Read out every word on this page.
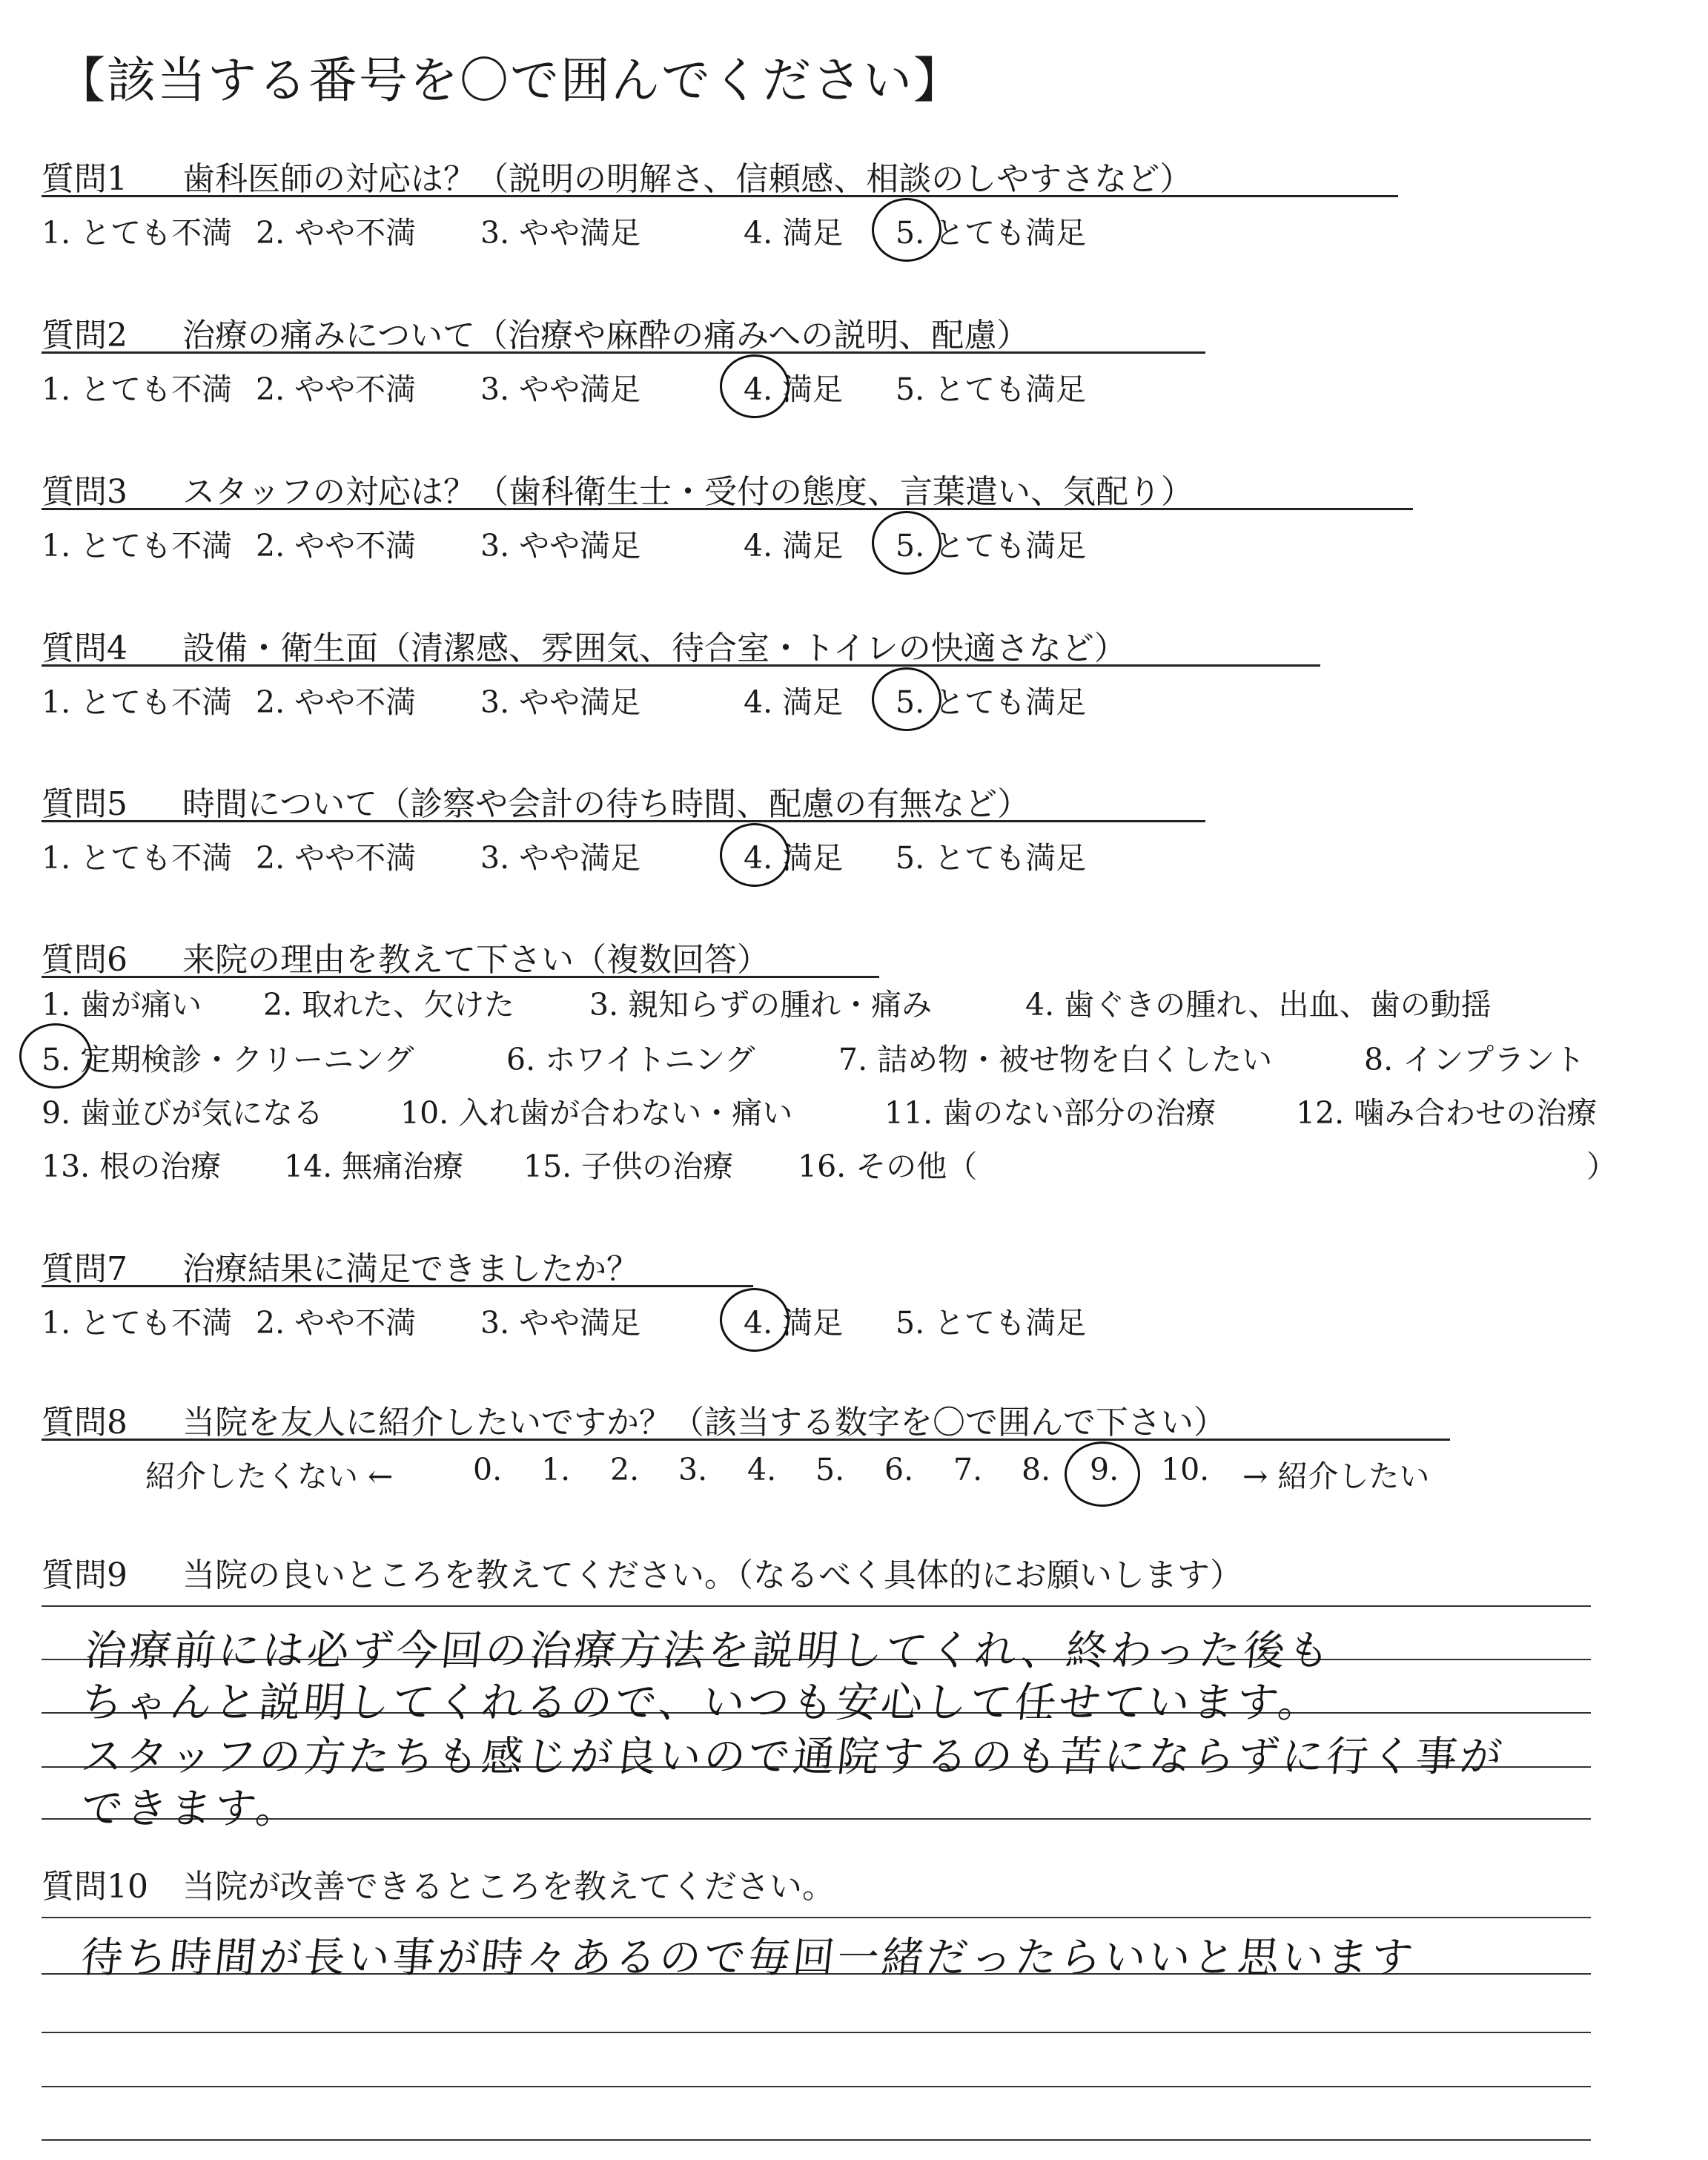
【該当する番号を〇で囲んでください】
質問1 歯科医師の対応は？（説明の明解さ、信頼感、相談のしやすさなど）
1. とても不満 2. やや不満 3. やや満足	4. 満足 5. とても満足
質問2 治療の痛みについて（治療や麻酔の痛みへの説明、配慮）
1. とても不満 2. やや不満 3. やや満足	4. 満足 5. とても満足
質問3 スタッフの対応は？（歯科衛生士・受付の態度、言葉遣い、気配り）
1. とても不満 2. やや不満 3. やや満足	4. 満足 5. とても満足
質問4 設備・衛生面（清潔感、雰囲気、待合室・トイレの快適さなど）
1. とても不満 2. やや不満 3. やや満足	4. 満足 5. とても満足
質問5 時間について（診察や会計の待ち時間、配慮の有無など）
1. とても不満 2. やや不満 3. やや満足	4. 満足 5. とても満足
質問6 来院の理由を教えて下さい（複数回答）
1. 歯が痛い 2. 取れた、欠けた 3. 親知らずの腫れ・痛み	4. 歯ぐきの腫れ、出血、歯の動揺
5. 定期検診・クリーニング	6. ホワイトニング	7. 詰め物・被せ物を白くしたい	8. インプラント
9. 歯並びが気になる	10. 入れ歯が合わない・痛い	11. 歯のない部分の治療	12. 噛み合わせの治療
13. 根の治療 14. 無痛治療 15. 子供の治療 16. その他（	）
質問7 治療結果に満足できましたか？
1. とても不満 2. やや不満 3. やや満足	4. 満足 5. とても満足
質問8 当院を友人に紹介したいですか？（該当する数字を〇で囲んで下さい）
紹介したくない ←	0. 1. 2. 3. 4. 5. 6. 7. 8. 9. 10. → 紹介したい
質問9 当院の良いところを教えてください。（なるべく具体的にお願いします）
治療前には必ず今回の治療方法を説明してくれ、終わった後も
ちゃんと説明してくれるので、いつも安心して任せています。
スタッフの方たちも感じが良いので通院するのも苦にならずに行く事が
できます。
質問10 当院が改善できるところを教えてください。
待ち時間が長い事が時々あるので毎回一緒だったらいいと思います
